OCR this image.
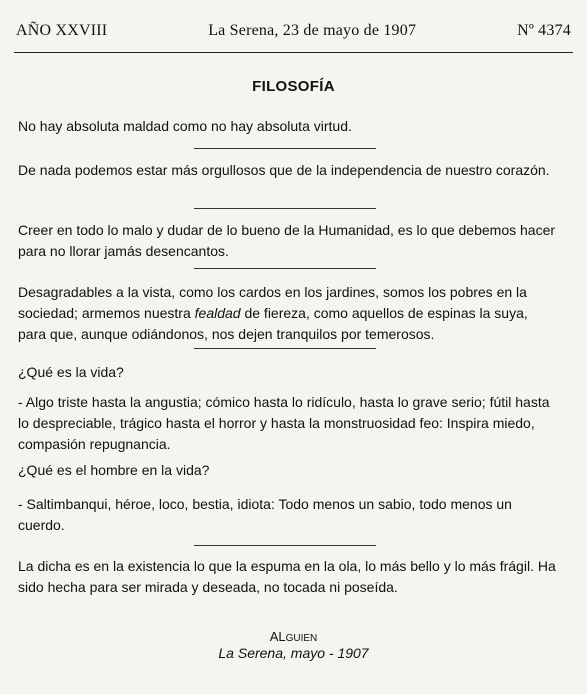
AÑO XXVIII	La Serena, 23 de mayo de 1907	Nº 4374
FILOSOFÍA
No hay absoluta maldad como no hay absoluta virtud.
De nada podemos estar más orgullosos que de la independencia de nuestro corazón.
Creer en todo lo malo y dudar de lo bueno de la Humanidad, es lo que debemos hacer para no llorar jamás desencantos.
Desagradables a la vista, como los cardos en los jardines, somos los pobres en la sociedad; armemos nuestra fealdad de fiereza, como aquellos de espinas la suya, para que, aunque odiándonos, nos dejen tranquilos por temerosos.
¿Qué es la vida?
- Algo triste hasta la angustia; cómico hasta lo ridículo, hasta lo grave serio; fútil hasta lo despreciable, trágico hasta el horror y hasta la monstruosidad feo: Inspira miedo, compasión repugnancia.
¿Qué es el hombre en la vida?
- Saltimbanqui, héroe, loco, bestia, idiota: Todo menos un sabio, todo menos un cuerdo.
La dicha es en la existencia lo que la espuma en la ola, lo más bello y lo más frágil. Ha sido hecha para ser mirada y deseada, no tocada ni poseída.
ALGUIEN
La Serena, mayo - 1907
